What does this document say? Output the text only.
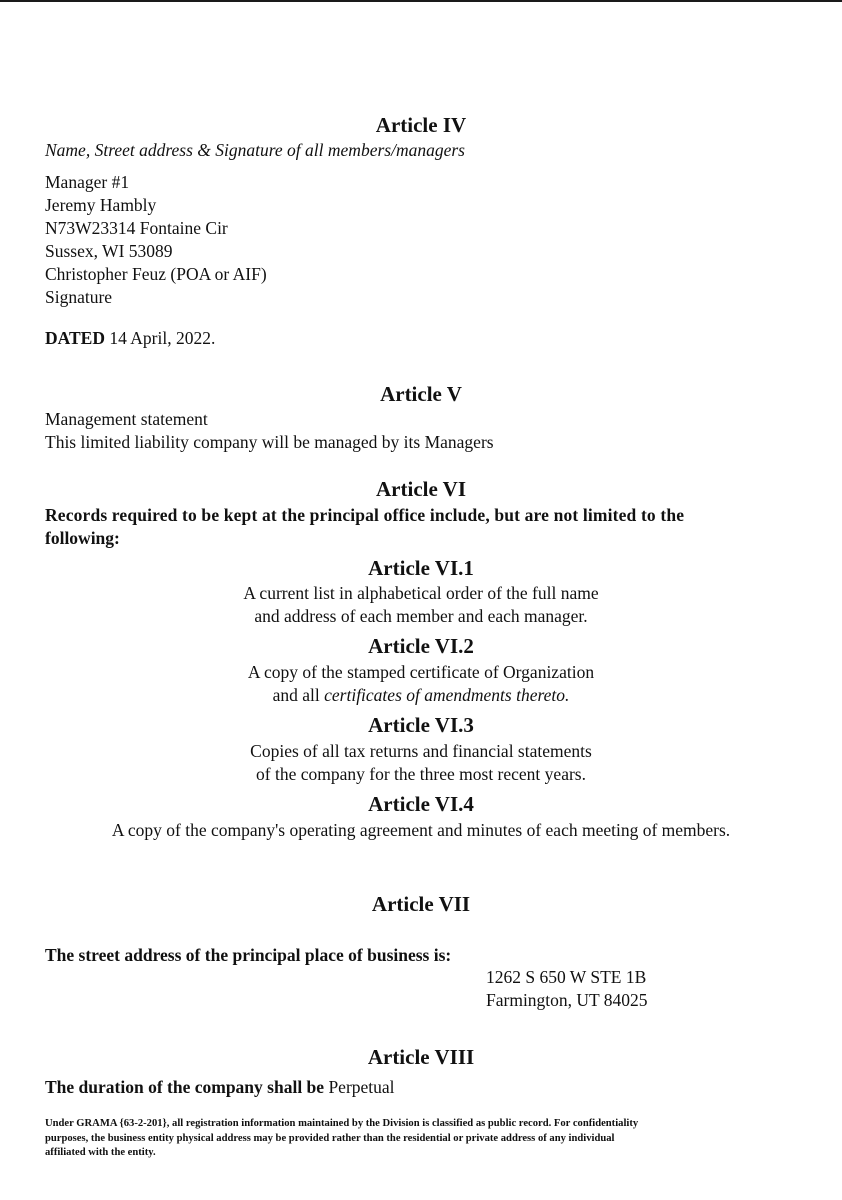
Article IV
Name, Street address & Signature of all members/managers
Manager #1
Jeremy Hambly
N73W23314 Fontaine Cir
Sussex, WI 53089
Christopher Feuz (POA or AIF)
Signature
DATED 14 April, 2022.
Article V
Management statement
This limited liability company will be managed by its Managers
Article VI
Records required to be kept at the principal office include, but are not limited to the
following:
Article VI.1
A current list in alphabetical order of the full name
and address of each member and each manager.
Article VI.2
A copy of the stamped certificate of Organization
and all certificates of amendments thereto.
Article VI.3
Copies of all tax returns and financial statements
of the company for the three most recent years.
Article VI.4
A copy of the company's operating agreement and minutes of each meeting of members.
Article VII
The street address of the principal place of business is:
1262 S 650 W STE 1B
Farmington, UT 84025
Article VIII
The duration of the company shall be Perpetual
Under GRAMA {63-2-201}, all registration information maintained by the Division is classified as public record. For confidentiality
purposes, the business entity physical address may be provided rather than the residential or private address of any individual
affiliated with the entity.
